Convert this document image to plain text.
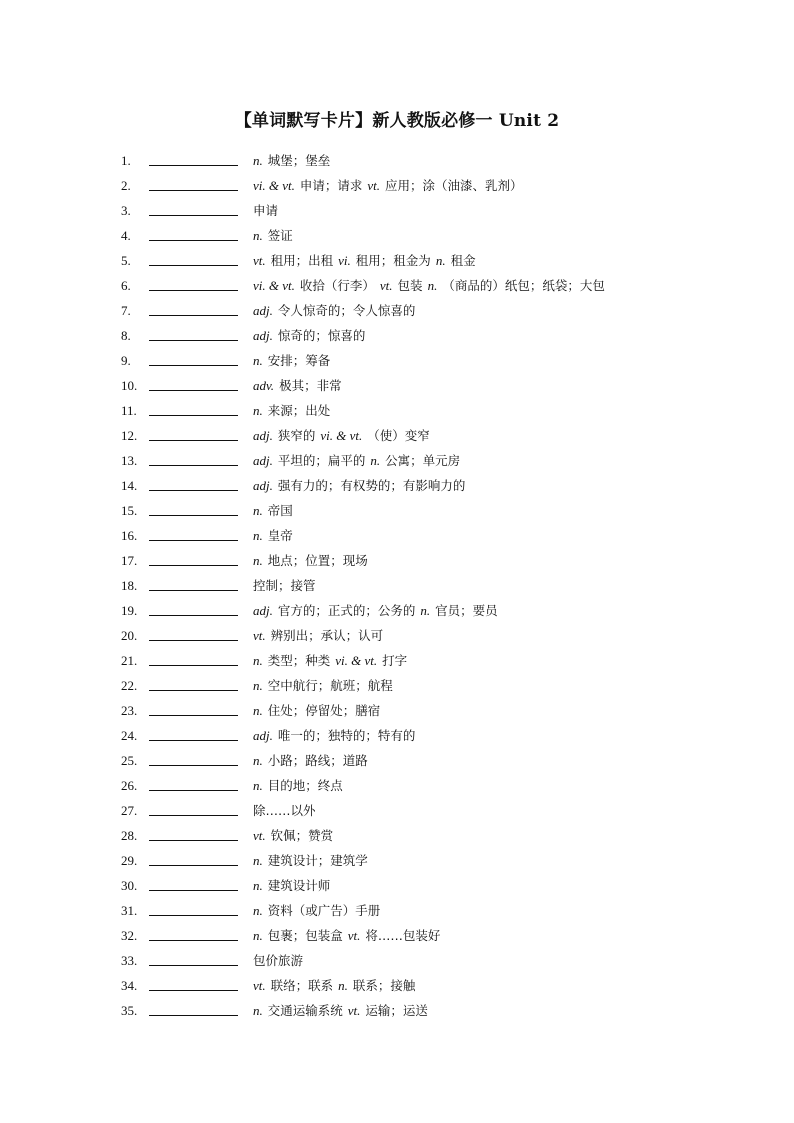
【单词默写卡片】新人教版必修一 Unit 2
1.	n. 城堡；堡垒
2.	vi. & vt. 申请；请求 vt. 应用；涂（油漆、乳剂）
3.	申请
4.	n. 签证
5.	vt. 租用；出租 vi. 租用；租金为 n. 租金
6.	vi. & vt. 收拾（行李） vt. 包装 n. （商品的）纸包；纸袋；大包
7.	adj. 令人惊奇的；令人惊喜的
8.	adj. 惊奇的；惊喜的
9.	n. 安排；筹备
10.	adv. 极其；非常
11.	n. 来源；出处
12.	adj. 狭窄的 vi. & vt. （使）变窄
13.	adj. 平坦的；扁平的 n. 公寓；单元房
14.	adj. 强有力的；有权势的；有影响力的
15.	n. 帝国
16.	n. 皇帝
17.	n. 地点；位置；现场
18.	控制；接管
19.	adj. 官方的；正式的；公务的 n. 官员；要员
20.	vt. 辨别出；承认；认可
21.	n. 类型；种类 vi. & vt. 打字
22.	n. 空中航行；航班；航程
23.	n. 住处；停留处；膳宿
24.	adj. 唯一的；独特的；特有的
25.	n. 小路；路线；道路
26.	n. 目的地；终点
27.	除……以外
28.	vt. 钦佩；赞赏
29.	n. 建筑设计；建筑学
30.	n. 建筑设计师
31.	n. 资料（或广告）手册
32.	n. 包裹；包装盒 vt. 将……包装好
33.	包价旅游
34.	vt. 联络；联系 n. 联系；接触
35.	n. 交通运输系统 vt. 运输；运送
